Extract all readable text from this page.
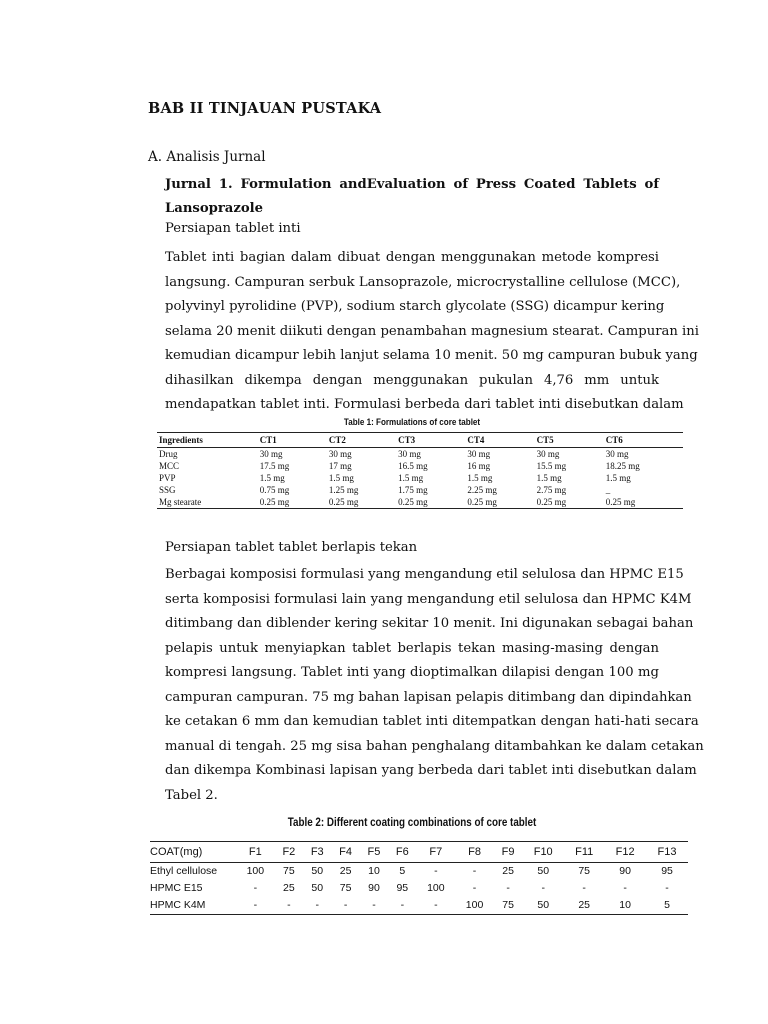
BAB II TINJAUAN PUSTAKA
A. Analisis Jurnal
Jurnal 1. Formulation andEvaluation of Press Coated Tablets of Lansoprazole
Persiapan tablet inti
Tablet inti bagian dalam dibuat dengan menggunakan metode kompresi
langsung. Campuran serbuk Lansoprazole, microcrystalline cellulose (MCC),
polyvinyl pyrolidine (PVP), sodium starch glycolate (SSG) dicampur kering
selama 20 menit diikuti dengan penambahan magnesium stearat. Campuran ini
kemudian dicampur lebih lanjut selama 10 menit. 50 mg campuran bubuk yang
dihasilkan dikempa dengan menggunakan pukulan 4,76 mm untuk
mendapatkan tablet inti. Formulasi berbeda dari tablet inti disebutkan dalam
Table 1: Formulations of core tablet
Ingredients	CT1	CT2	CT3	CT4	CT5	CT6
Drug	30 mg	30 mg	30 mg	30 mg	30 mg	30 mg
MCC	17.5 mg	17 mg	16.5 mg	16 mg	15.5 mg	18.25 mg
PVP	1.5 mg	1.5 mg	1.5 mg	1.5 mg	1.5 mg	1.5 mg
SSG	0.75 mg	1.25 mg	1.75 mg	2.25 mg	2.75 mg	_
Mg stearate	0.25 mg	0.25 mg	0.25 mg	0.25 mg	0.25 mg	0.25 mg
Persiapan tablet tablet berlapis tekan
Berbagai komposisi formulasi yang mengandung etil selulosa dan HPMC E15
serta komposisi formulasi lain yang mengandung etil selulosa dan HPMC K4M
ditimbang dan diblender kering sekitar 10 menit. Ini digunakan sebagai bahan
pelapis untuk menyiapkan tablet berlapis tekan masing-masing dengan
kompresi langsung. Tablet inti yang dioptimalkan dilapisi dengan 100 mg
campuran campuran. 75 mg bahan lapisan pelapis ditimbang dan dipindahkan
ke cetakan 6 mm dan kemudian tablet inti ditempatkan dengan hati-hati secara
manual di tengah. 25 mg sisa bahan penghalang ditambahkan ke dalam cetakan
dan dikempa Kombinasi lapisan yang berbeda dari tablet inti disebutkan dalam
Tabel 2.
Table 2: Different coating combinations of core tablet
COAT(mg)	F1	F2	F3	F4	F5	F6	F7	F8	F9	F10	F11	F12	F13
Ethyl cellulose	100	75	50	25	10	5	-	-	25	50	75	90	95
HPMC E15	-	25	50	75	90	95	100	-	-	-	-	-	-
HPMC K4M	-	-	-	-	-	-	-	100	75	50	25	10	5
